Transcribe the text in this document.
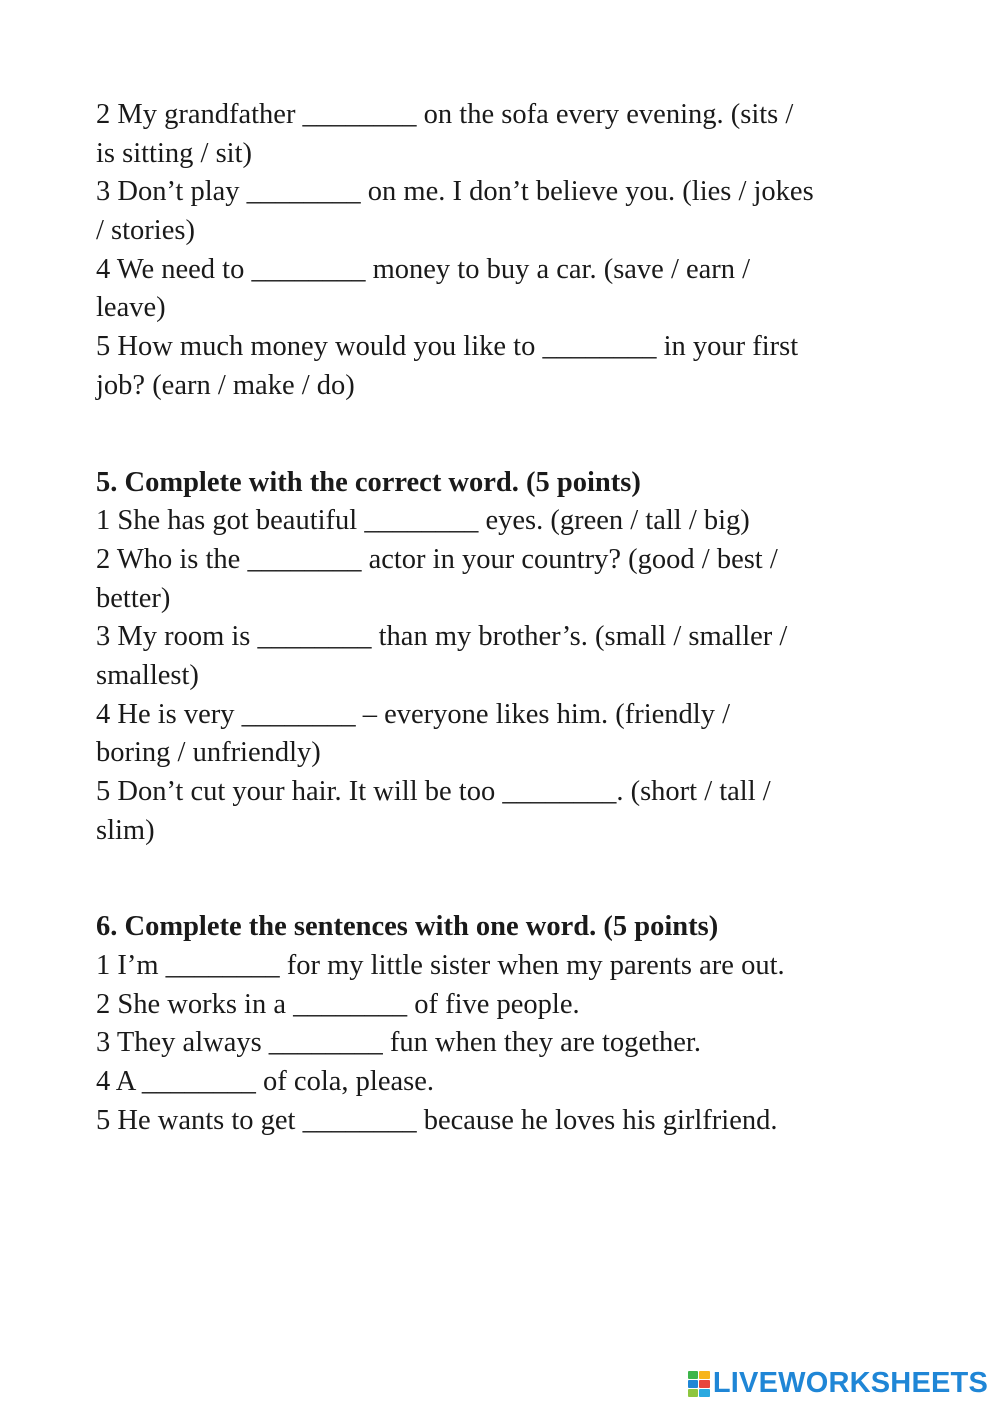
2 My grandfather ________ on the sofa every evening. (sits /
is sitting / sit)
3 Don’t play ________ on me. I don’t believe you. (lies / jokes
/ stories)
4 We need to ________ money to buy a car. (save / earn /
leave)
5 How much money would you like to ________ in your first
job? (earn / make / do)
5. Complete with the correct word. (5 points)
1 She has got beautiful ________ eyes. (green / tall / big)
2 Who is the ________ actor in your country? (good / best /
better)
3 My room is ________ than my brother’s. (small / smaller /
smallest)
4 He is very ________ – everyone likes him. (friendly /
boring / unfriendly)
5 Don’t cut your hair. It will be too ________. (short / tall /
slim)
6. Complete the sentences with one word. (5 points)
1 I’m ________ for my little sister when my parents are out.
2 She works in a ________ of five people.
3 They always ________ fun when they are together.
4 A ________ of cola, please.
5 He wants to get ________ because he loves his girlfriend.
LIVEWORKSHEETS
